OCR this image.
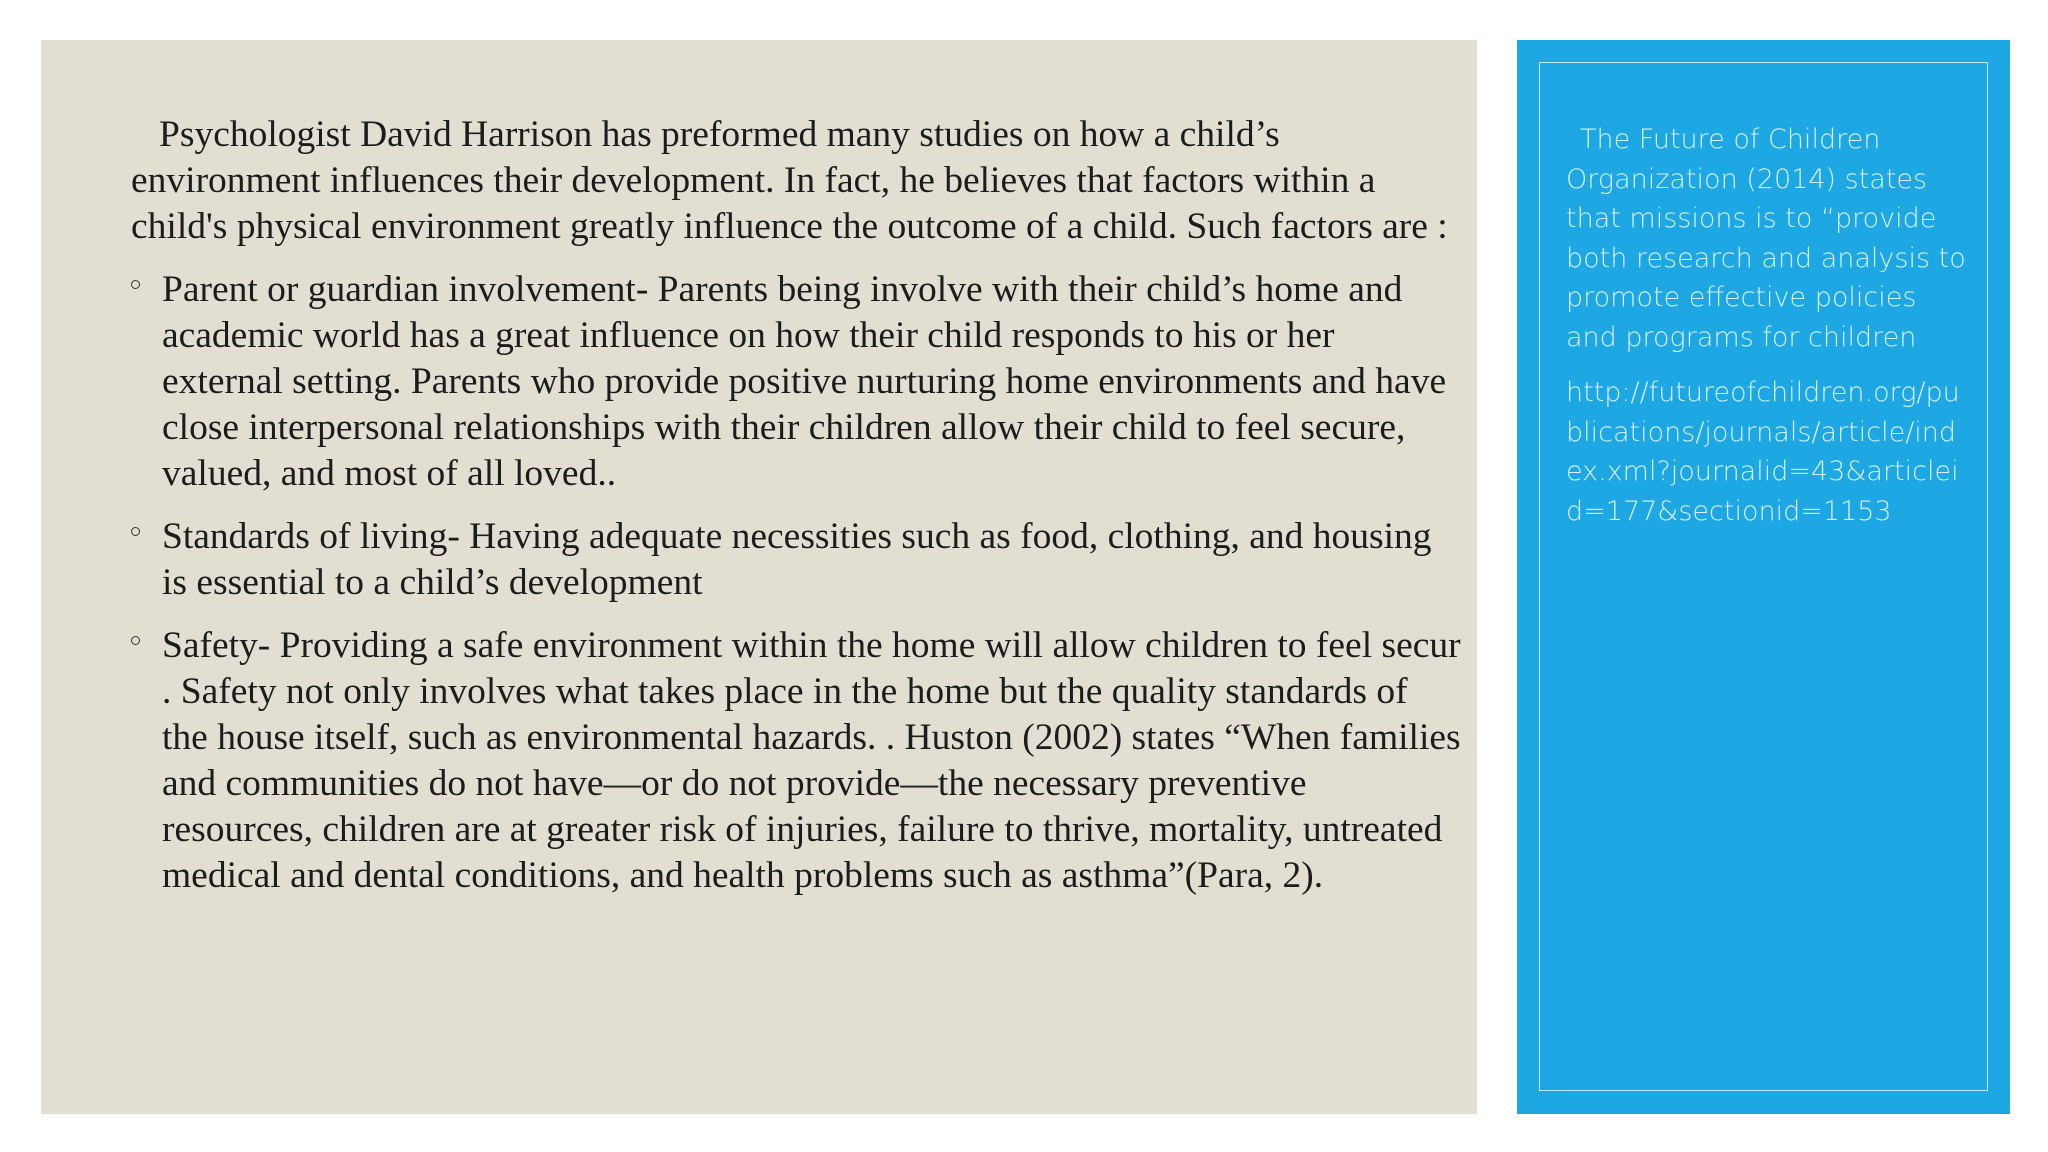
Psychologist David Harrison has preformed many studies on how a child’s environment influences their development. In fact, he believes that factors within a child's physical environment greatly influence the outcome of a child. Such factors are :

Parent or guardian involvement- Parents being involve with their child’s home and academic world has a great influence on how their child responds to his or her external setting. Parents who provide positive nurturing home environments and have close interpersonal relationships with their children allow their child to feel secure, valued, and most of all loved..
Standards of living- Having adequate necessities such as food, clothing, and housing is essential to a child’s development
Safety- Providing a safe environment within the home will allow children to feel secur . Safety not only involves what takes place in the home but the quality standards of the house itself, such as environmental hazards. . Huston (2002) states “When families and communities do not have—or do not provide—the necessary preventive resources, children are at greater risk of injuries, failure to thrive, mortality, untreated medical and dental conditions, and health problems such as asthma”(Para, 2).

The Future of Children Organization (2014) states that missions is to “provide both research and analysis to promote effective policies and programs for children

http://futureofchildren.org/publications/journals/article/index.xml?journalid=43&articleid=177&sectionid=1153
